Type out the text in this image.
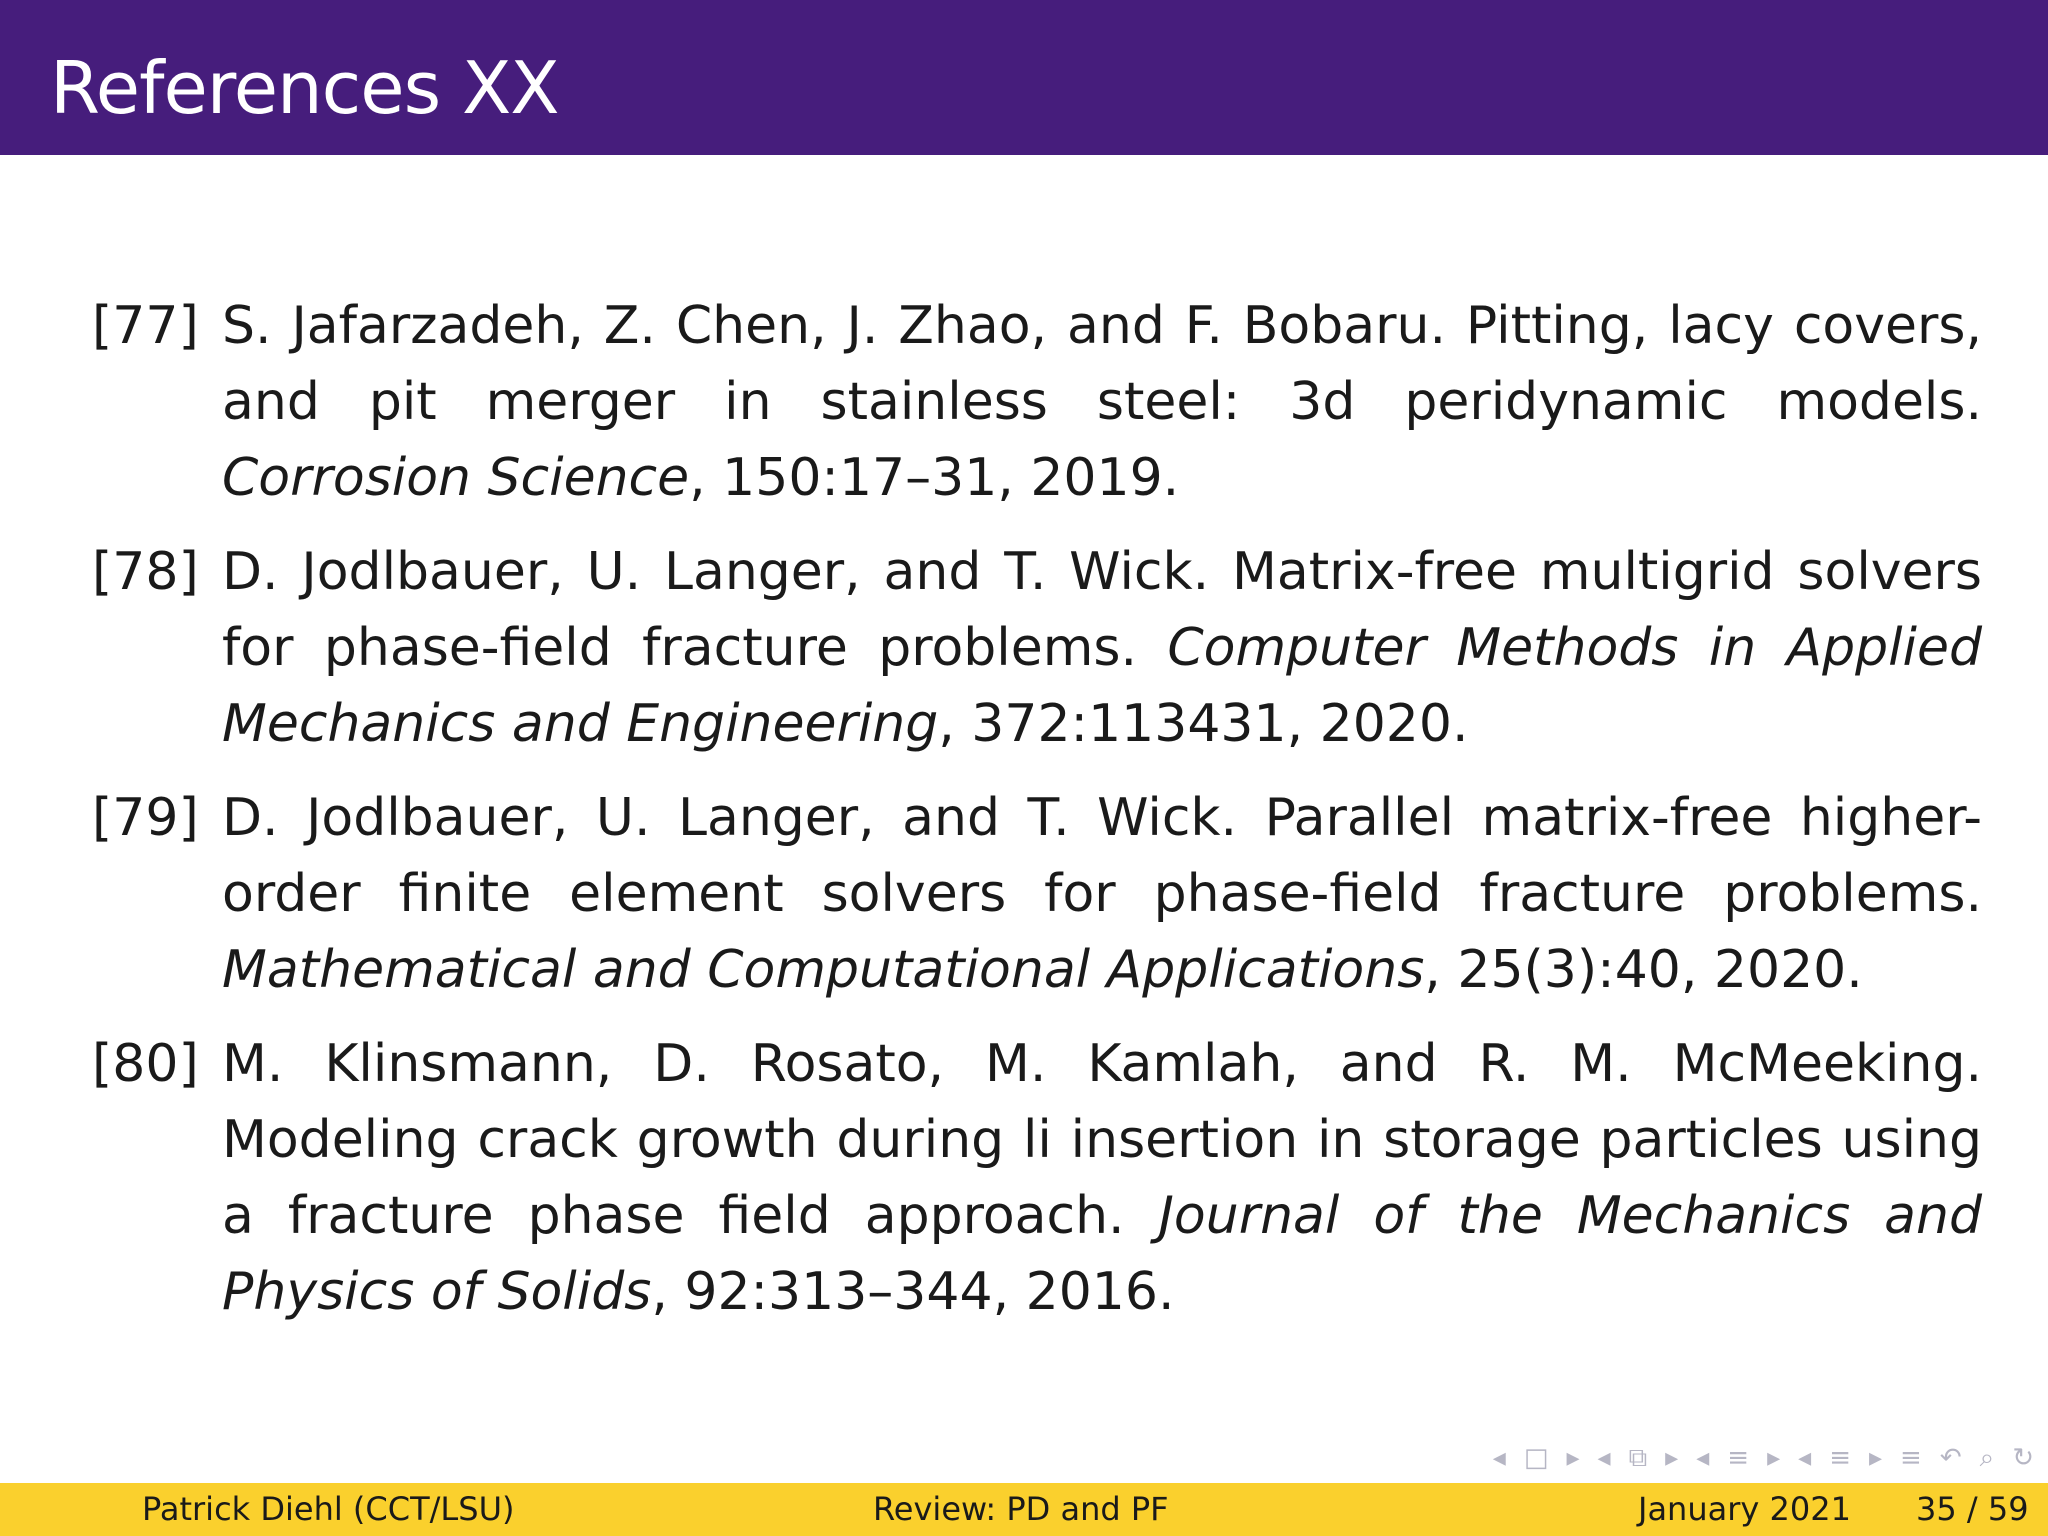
References XX
[77] S. Jafarzadeh, Z. Chen, J. Zhao, and F. Bobaru. Pitting, lacy covers, and pit merger in stainless steel: 3d peridynamic models. Corrosion Science, 150:17–31, 2019.
[78] D. Jodlbauer, U. Langer, and T. Wick. Matrix-free multigrid solvers for phase-field fracture problems. Computer Methods in Applied Mechanics and Engineering, 372:113431, 2020.
[79] D. Jodlbauer, U. Langer, and T. Wick. Parallel matrix-free higher-order finite element solvers for phase-field fracture problems. Mathematical and Computational Applications, 25(3):40, 2020.
[80] M. Klinsmann, D. Rosato, M. Kamlah, and R. M. McMeeking. Modeling crack growth during li insertion in storage particles using a fracture phase field approach. Journal of the Mechanics and Physics of Solids, 92:313–344, 2016.
◂ □ ▸ ◂ ⧉ ▸ ◂ ≡ ▸ ◂ ≡ ▸ ≡ ↶ ⌕ ↻
Patrick Diehl (CCT/LSU)	Review: PD and PF	January 2021 35 / 59
